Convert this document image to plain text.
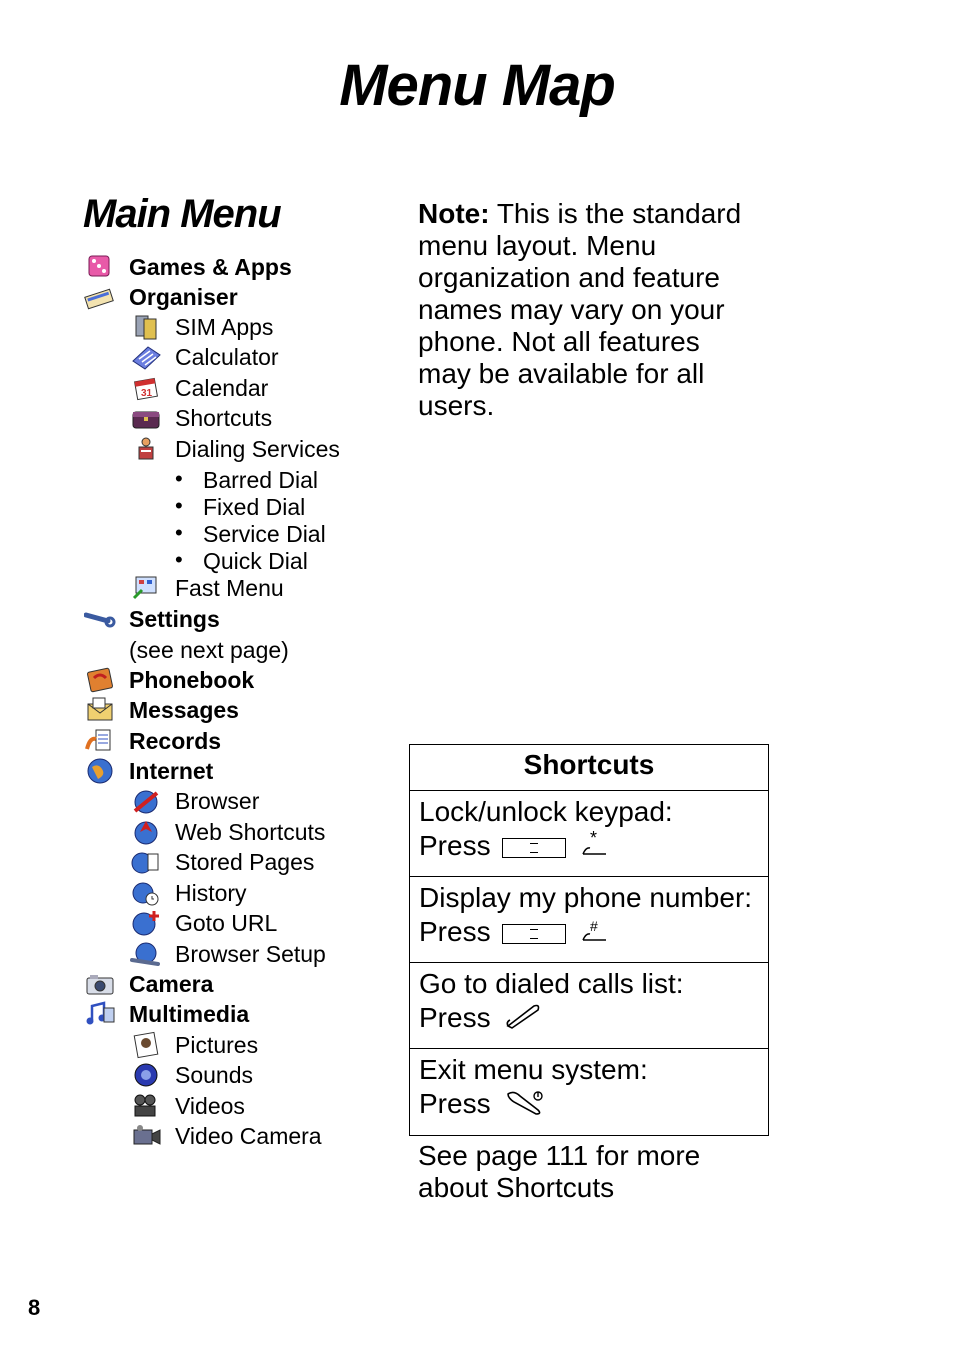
Menu Map
Main Menu
Games & Apps
Organiser
SIM Apps
Calculator
31 Calendar
Shortcuts
Dialing Services
• Barred Dial
• Fixed Dial
• Service Dial
• Quick Dial
Fast Menu
Settings
(see next page)
Phonebook
Messages
Records
Internet
Browser
Web Shortcuts
Stored Pages
History
Goto URL
Browser Setup
Camera
Multimedia
Pictures
Sounds
Videos
Video Camera
Note: This is the standard menu layout. Menu organization and feature names may vary on your phone. Not all features may be available for all users.
Shortcuts
Lock/unlock keypad:
Press	*
Display my phone number:
Press	#
Go to dialed calls list:
Press
Exit menu system:
Press
See page 111 for more about Shortcuts
8
